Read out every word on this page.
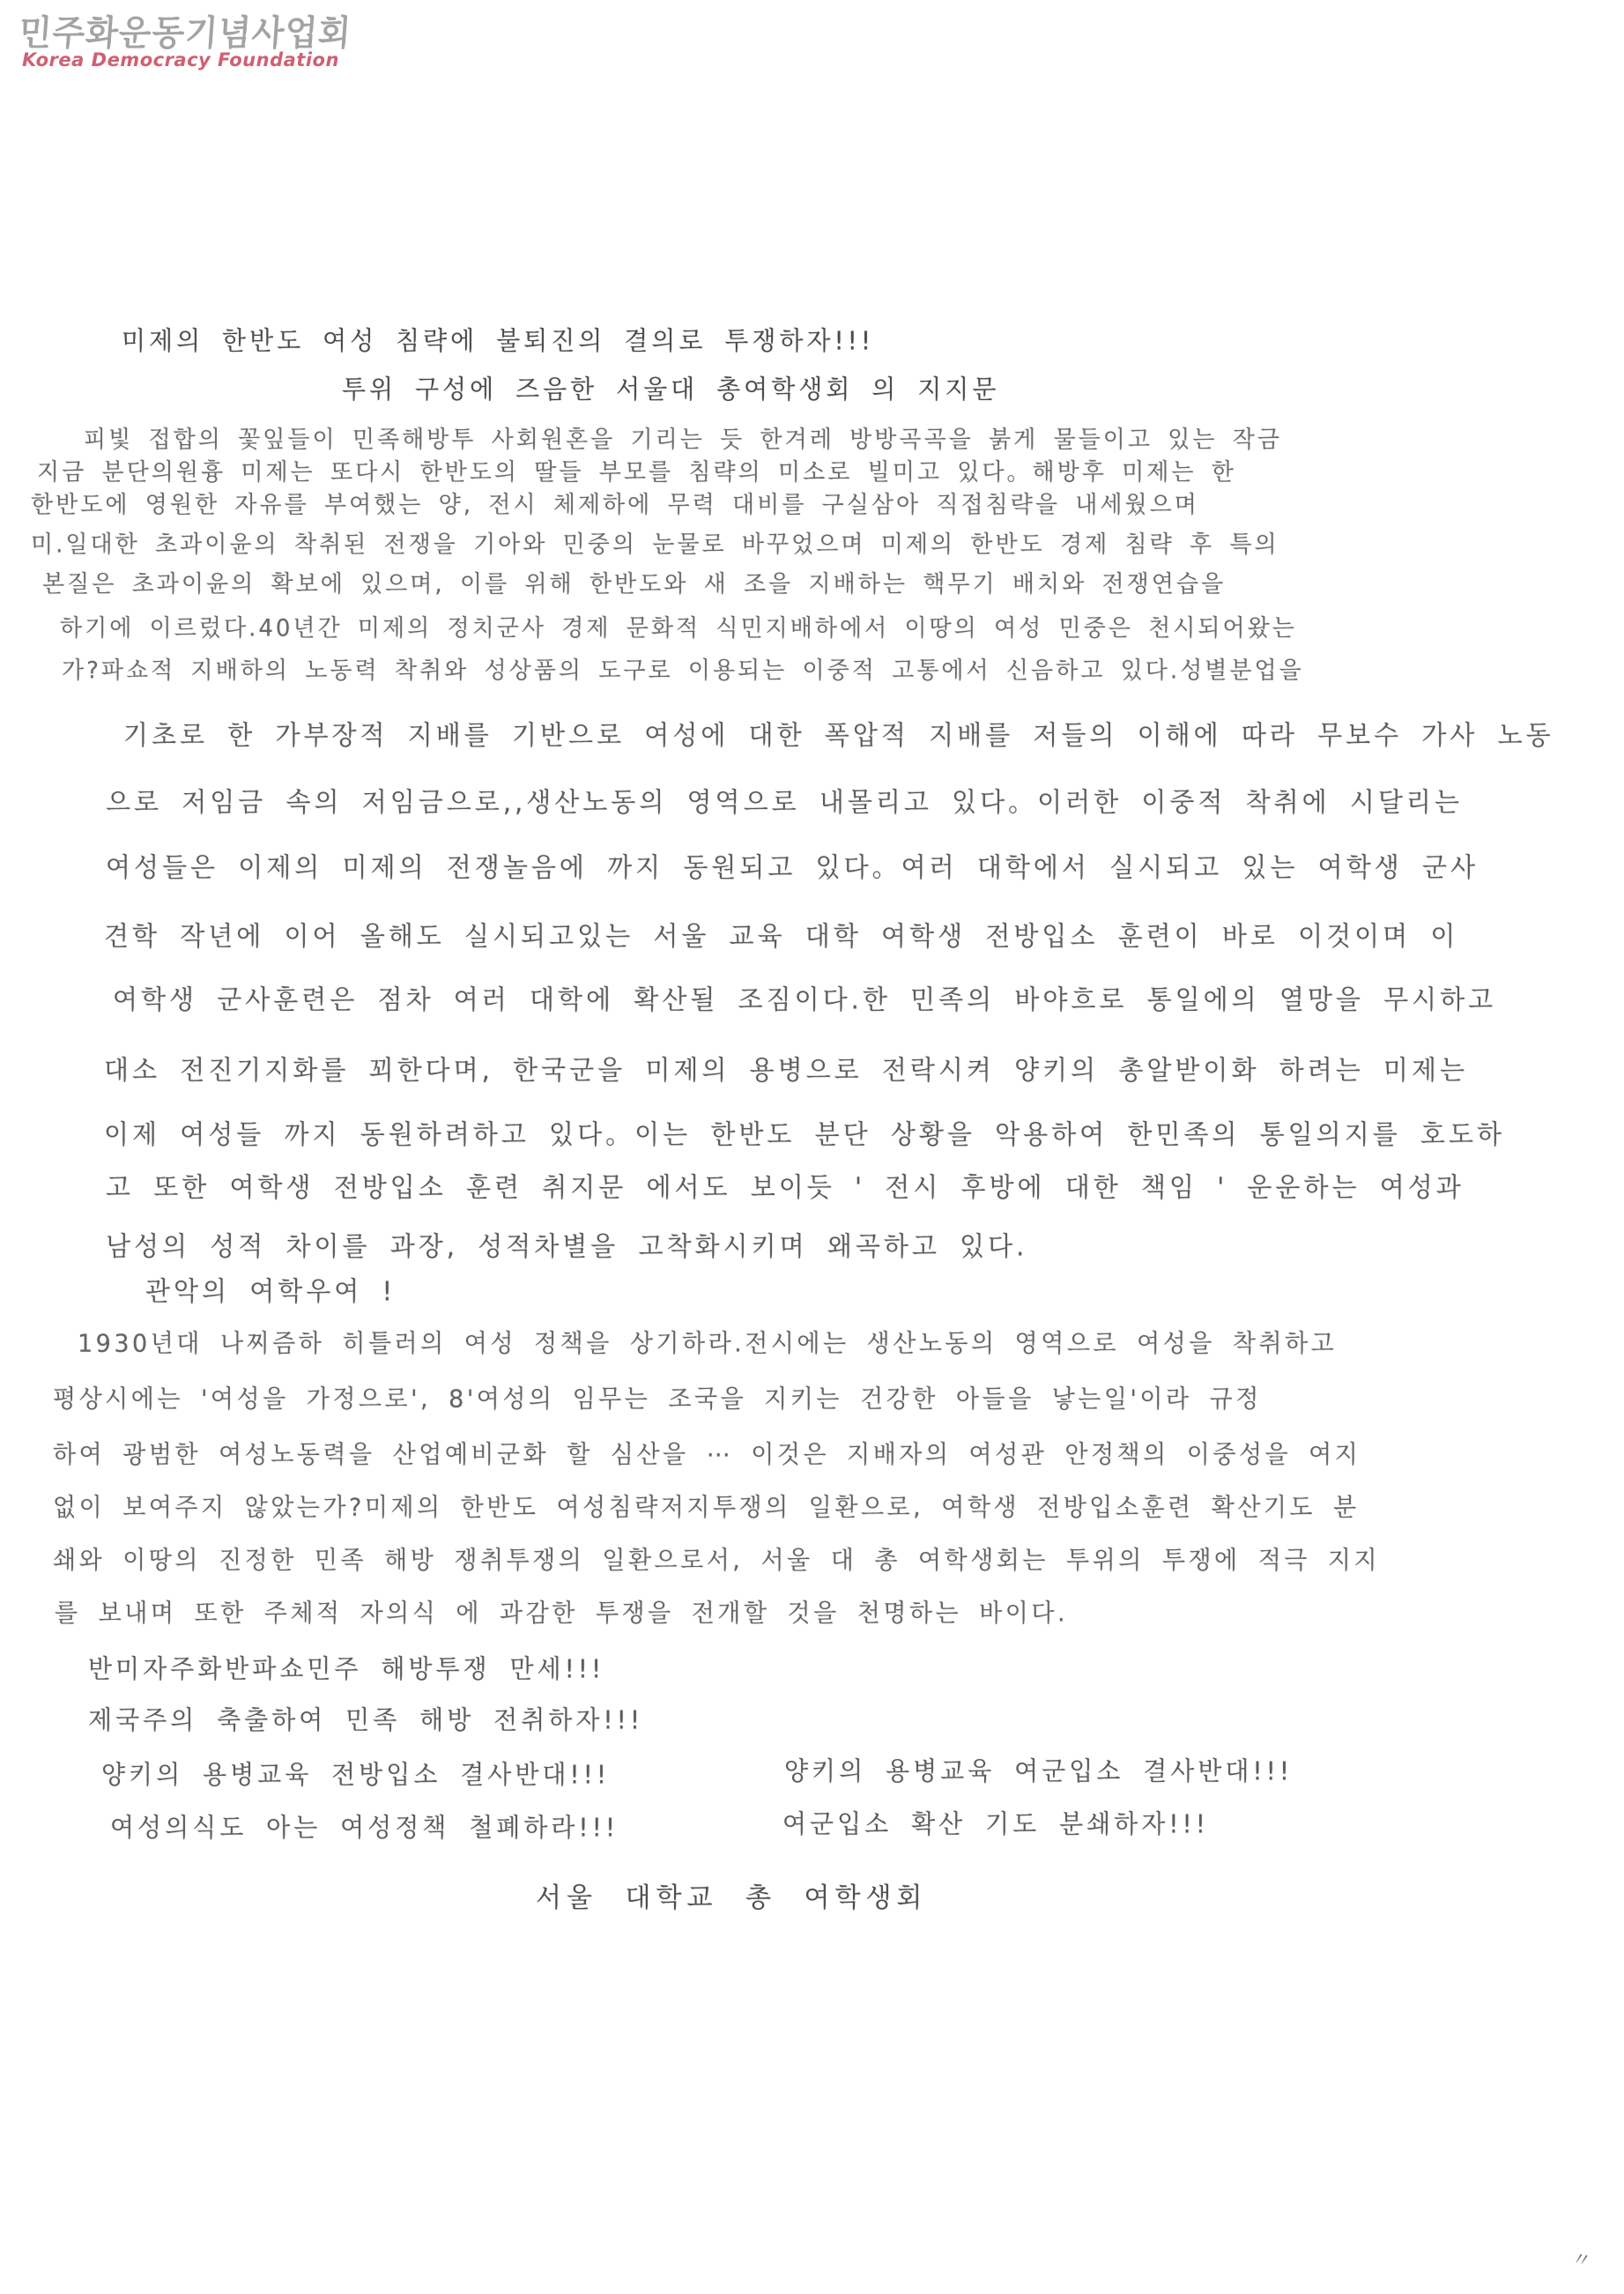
민주화운동기념사업회
Korea Democracy Foundation
미제의 한반도 여성 침략에 불퇴진의 결의로 투쟁하자!!!
투위 구성에 즈음한 서울대 총여학생회 의 지지문
피빛 접합의 꽃잎들이 민족해방투 사회원혼을 기리는 듯 한겨레 방방곡곡을 붉게 물들이고 있는 작금
지금 분단의원흉 미제는 또다시 한반도의 딸들 부모를 침략의 미소로 빌미고 있다。해방후 미제는 한
한반도에 영원한 자유를 부여했는 양, 전시 체제하에 무력 대비를 구실삼아 직접침략을 내세웠으며
미.일대한 초과이윤의 착취된 전쟁을 기아와 민중의 눈물로 바꾸었으며 미제의 한반도 경제 침략 후 특의
본질은 초과이윤의 확보에 있으며, 이를 위해 한반도와 새 조을 지배하는 핵무기 배치와 전쟁연습을
하기에 이르렀다.40년간 미제의 정치군사 경제 문화적 식민지배하에서 이땅의 여성 민중은 천시되어왔는
가?파쇼적 지배하의 노동력 착취와 성상품의 도구로 이용되는 이중적 고통에서 신음하고 있다.성별분업을
기초로 한 가부장적 지배를 기반으로 여성에 대한 폭압적 지배를 저들의 이해에 따라 무보수 가사 노동
으로 저임금 속의 저임금으로,,생산노동의 영역으로 내몰리고 있다。이러한 이중적 착취에 시달리는
여성들은 이제의 미제의 전쟁놀음에 까지 동원되고 있다。여러 대학에서 실시되고 있는 여학생 군사
견학 작년에 이어 올해도 실시되고있는 서울 교육 대학 여학생 전방입소 훈련이 바로 이것이며 이
여학생 군사훈련은 점차 여러 대학에 확산될 조짐이다.한 민족의 바야흐로 통일에의 열망을 무시하고
대소 전진기지화를 꾀한다며, 한국군을 미제의 용병으로 전락시켜 양키의 총알받이화 하려는 미제는
이제 여성들 까지 동원하려하고 있다。이는 한반도 분단 상황을 악용하여 한민족의 통일의지를 호도하
고 또한 여학생 전방입소 훈련 취지문 에서도 보이듯 ' 전시 후방에 대한 책임 ' 운운하는 여성과
남성의 성적 차이를 과장, 성적차별을 고착화시키며 왜곡하고 있다.
관악의 여학우여 !
1930년대 나찌즘하 히틀러의 여성 정책을 상기하라.전시에는 생산노동의 영역으로 여성을 착취하고
평상시에는 '여성을 가정으로', 8'여성의 임무는 조국을 지키는 건강한 아들을 낳는일'이라 규정
하여 광범한 여성노동력을 산업예비군화 할 심산을 ⋯ 이것은 지배자의 여성관 안정책의 이중성을 여지
없이 보여주지 않았는가?미제의 한반도 여성침략저지투쟁의 일환으로, 여학생 전방입소훈련 확산기도 분
쇄와 이땅의 진정한 민족 해방 쟁취투쟁의 일환으로서, 서울 대 총 여학생회는 투위의 투쟁에 적극 지지
를 보내며 또한 주체적 자의식 에 과감한 투쟁을 전개할 것을 천명하는 바이다.
반미자주화반파쇼민주 해방투쟁 만세!!!
제국주의 축출하여 민족 해방 전취하자!!!
양키의 용병교육 전방입소 결사반대!!!	양키의 용병교육 여군입소 결사반대!!!
여성의식도 아는 여성정책 철폐하라!!!	여군입소 확산 기도 분쇄하자!!!
서울 대학교 총 여학생회
〃
